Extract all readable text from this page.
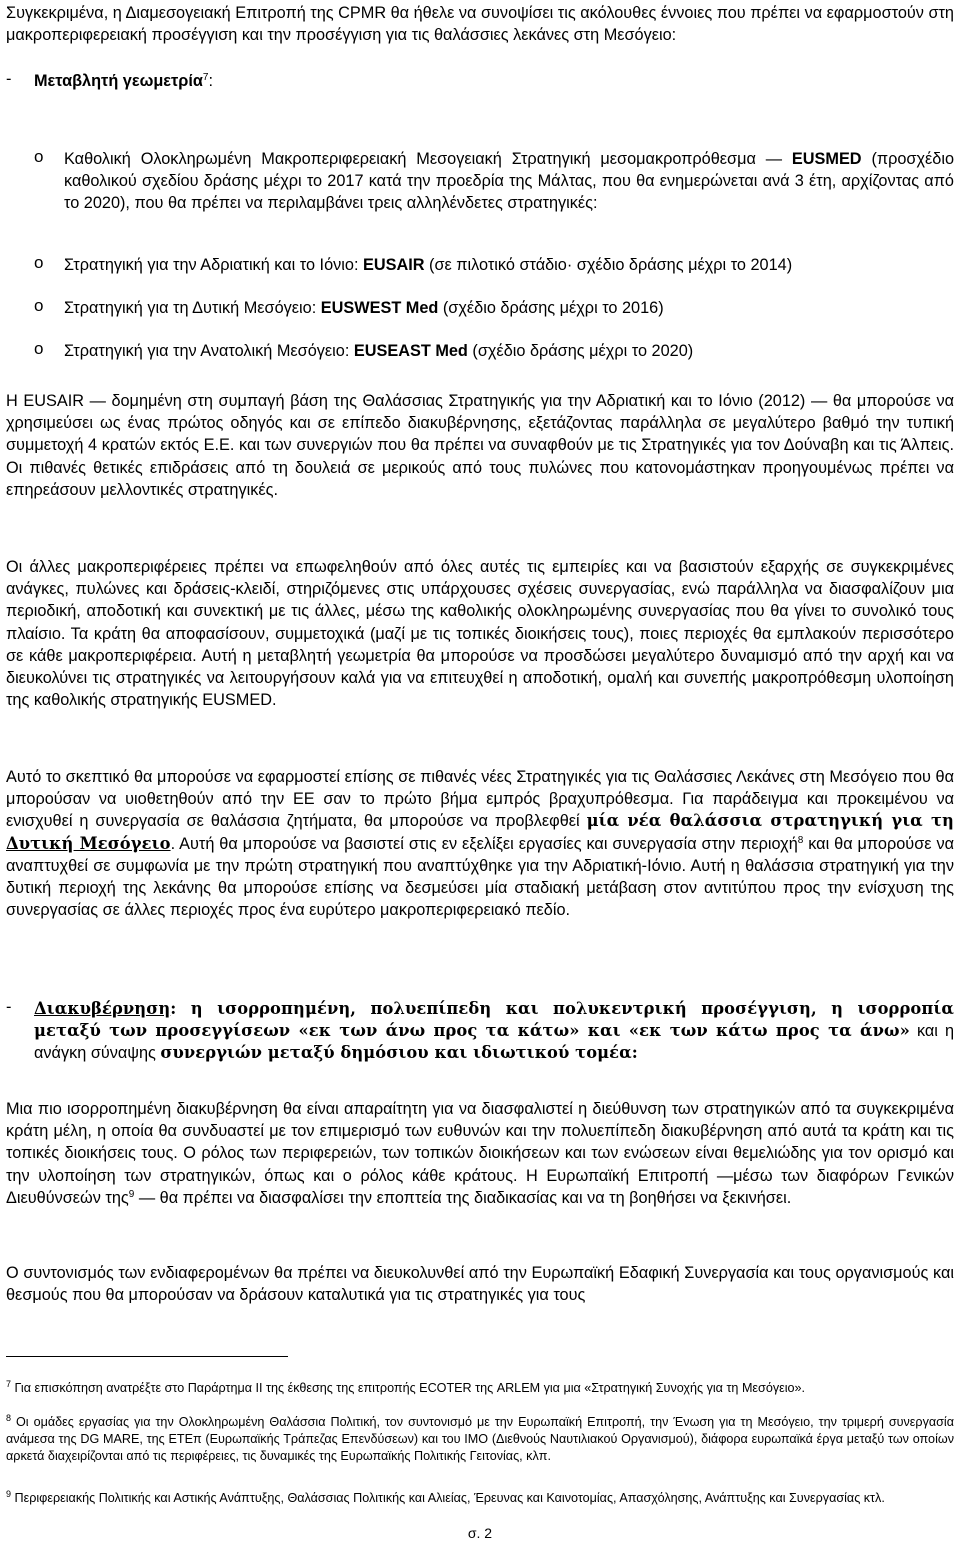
Συγκεκριμένα, η Διαμεσογειακή Επιτροπή της CPMR θα ήθελε να συνοψίσει τις ακόλουθες έννοιες που πρέπει να εφαρμοστούν στη μακροπεριφερειακή προσέγγιση και την προσέγγιση για τις θαλάσσιες λεκάνες στη Μεσόγειο:

- Μεταβλητή γεωμετρία$^7$:

o Καθολική Ολοκληρωμένη Μακροπεριφερειακή Μεσογειακή Στρατηγική μεσομακροπρόθεσμα — EUSMED (προσχέδιο καθολικού σχεδίου δράσης μέχρι το 2017 κατά την προεδρία της Μάλτας, που θα ενημερώνεται ανά 3 έτη, αρχίζοντας από το 2020), που θα πρέπει να περιλαμβάνει τρεις αλληλένδετες στρατηγικές:

o Στρατηγική για την Αδριατική και το Ιόνιο: EUSAIR (σε πιλοτικό στάδιο· σχέδιο δράσης μέχρι το 2014)

o Στρατηγική για τη Δυτική Μεσόγειο: EUSWEST Med (σχέδιο δράσης μέχρι το 2016)

o Στρατηγική για την Ανατολική Μεσόγειο: EUSEAST Med (σχέδιο δράσης μέχρι το 2020)

Η EUSAIR — δομημένη στη συμπαγή βάση της Θαλάσσιας Στρατηγικής για την Αδριατική και το Ιόνιο (2012) — θα μπορούσε να χρησιμεύσει ως ένας πρώτος οδηγός και σε επίπεδο διακυβέρνησης, εξετάζοντας παράλληλα σε μεγαλύτερο βαθμό την τυπική συμμετοχή 4 κρατών εκτός Ε.Ε. και των συνεργιών που θα πρέπει να συναφθούν με τις Στρατηγικές για τον Δούναβη και τις Άλπεις. Οι πιθανές θετικές επιδράσεις από τη δουλειά σε μερικούς από τους πυλώνες που κατονομάστηκαν προηγουμένως πρέπει να επηρεάσουν μελλοντικές στρατηγικές.

Οι άλλες μακροπεριφέρειες πρέπει να επωφεληθούν από όλες αυτές τις εμπειρίες και να βασιστούν εξαρχής σε συγκεκριμένες ανάγκες, πυλώνες και δράσεις-κλειδί, στηριζόμενες στις υπάρχουσες σχέσεις συνεργασίας, ενώ παράλληλα να διασφαλίζουν μια περιοδική, αποδοτική και συνεκτική με τις άλλες, μέσω της καθολικής ολοκληρωμένης συνεργασίας που θα γίνει το συνολικό τους πλαίσιο. Τα κράτη θα αποφασίσουν, συμμετοχικά (μαζί με τις τοπικές διοικήσεις τους), ποιες περιοχές θα εμπλακούν περισσότερο σε κάθε μακροπεριφέρεια. Αυτή η μεταβλητή γεωμετρία θα μπορούσε να προσδώσει μεγαλύτερο δυναμισμό από την αρχή και να διευκολύνει τις στρατηγικές να λειτουργήσουν καλά για να επιτευχθεί η αποδοτική, ομαλή και συνεπής μακροπρόθεσμη υλοποίηση της καθολικής στρατηγικής EUSMED.

Αυτό το σκεπτικό θα μπορούσε να εφαρμοστεί επίσης σε πιθανές νέες Στρατηγικές για τις Θαλάσσιες Λεκάνες στη Μεσόγειο που θα μπορούσαν να υιοθετηθούν από την ΕΕ σαν το πρώτο βήμα εμπρός βραχυπρόθεσμα. Για παράδειγμα και προκειμένου να ενισχυθεί η συνεργασία σε θαλάσσια ζητήματα, θα μπορούσε να προβλεφθεί μία νέα θαλάσσια στρατηγική για τη Δυτική Μεσόγειο. Αυτή θα μπορούσε να βασιστεί στις εν εξελίξει εργασίες και συνεργασία στην περιοχή$^8$ και θα μπορούσε να αναπτυχθεί σε συμφωνία με την πρώτη στρατηγική που αναπτύχθηκε για την Αδριατική-Ιόνιο. Αυτή η θαλάσσια στρατηγική για την δυτική περιοχή της λεκάνης θα μπορούσε επίσης να δεσμεύσει μία σταδιακή μετάβαση στον αντιτύπου προς την ενίσχυση της συνεργασίας σε άλλες περιοχές προς ένα ευρύτερο μακροπεριφερειακό πεδίο.

- Διακυβέρνηση: η ισορροπημένη, πολυεπίπεδη και πολυκεντρική προσέγγιση, η ισορροπία μεταξύ των προσεγγίσεων «εκ των άνω προς τα κάτω» και «εκ των κάτω προς τα άνω» και η ανάγκη σύναψης συνεργιών μεταξύ δημόσιου και ιδιωτικού τομέα:

Μια πιο ισορροπημένη διακυβέρνηση θα είναι απαραίτητη για να διασφαλιστεί η διεύθυνση των στρατηγικών από τα συγκεκριμένα κράτη μέλη, η οποία θα συνδυαστεί με τον επιμερισμό των ευθυνών και την πολυεπίπεδη διακυβέρνηση από αυτά τα κράτη και τις τοπικές διοικήσεις τους. Ο ρόλος των περιφερειών, των τοπικών διοικήσεων και των ενώσεων είναι θεμελιώδης για τον ορισμό και την υλοποίηση των στρατηγικών, όπως και ο ρόλος κάθε κράτους. Η Ευρωπαϊκή Επιτροπή —μέσω των διαφόρων Γενικών Διευθύνσεών της$^9$ — θα πρέπει να διασφαλίσει την εποπτεία της διαδικασίας και να τη βοηθήσει να ξεκινήσει.

Ο συντονισμός των ενδιαφερομένων θα πρέπει να διευκολυνθεί από την Ευρωπαϊκή Εδαφική Συνεργασία και τους οργανισμούς και θεσμούς που θα μπορούσαν να δράσουν καταλυτικά για τις στρατηγικές για τους

$^7$ Για επισκόπηση ανατρέξτε στο Παράρτημα ΙΙ της έκθεσης της επιτροπής ECOTER της ARLEM για μια «Στρατηγική Συνοχής για τη Μεσόγειο».

$^8$ Οι ομάδες εργασίας για την Ολοκληρωμένη Θαλάσσια Πολιτική, τον συντονισμό με την Ευρωπαϊκή Επιτροπή, την Ένωση για τη Μεσόγειο, την τριμερή συνεργασία ανάμεσα της DG MARE, της ΕΤΕπ (Ευρωπαϊκής Τράπεζας Επενδύσεων) και του ΙΜΟ (Διεθνούς Ναυτιλιακού Οργανισμού), διάφορα ευρωπαϊκά έργα μεταξύ των οποίων αρκετά διαχειρίζονται από τις περιφέρειες, τις δυναμικές της Ευρωπαϊκής Πολιτικής Γειτονίας, κλπ.

$^9$ Περιφερειακής Πολιτικής και Αστικής Ανάπτυξης, Θαλάσσιας Πολιτικής και Αλιείας, Έρευνας και Καινοτομίας, Απασχόλησης, Ανάπτυξης και Συνεργασίας κτλ.

σ. 2
